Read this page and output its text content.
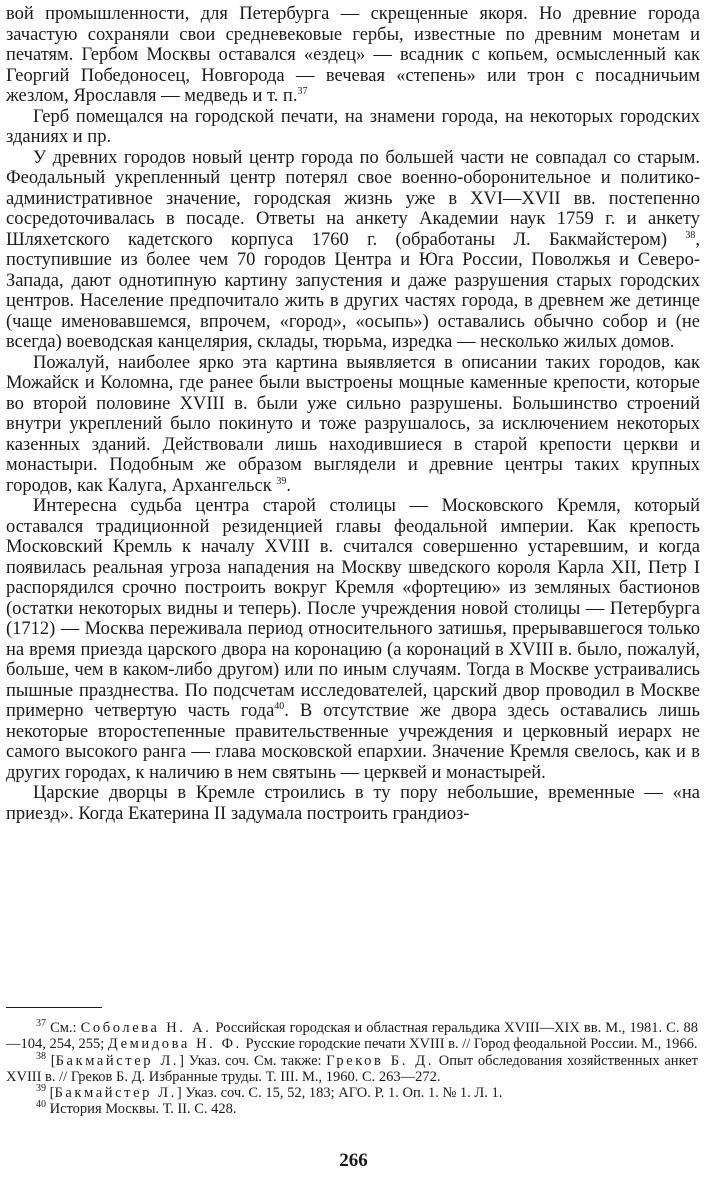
вой промышленности, для Петербурга — скрещенные якоря. Но древние города зачастую сохраняли свои средневековые гербы, известные по древним монетам и печатям. Гербом Москвы оставался «ездец» — всадник с копьем, осмысленный как Георгий Победоносец, Новгорода — вечевая «степень» или трон с посадничьим жезлом, Ярославля — медведь и т. п.$^{37}$

Герб помещался на городской печати, на знамени города, на некоторых городских зданиях и пр.

У древних городов новый центр города по большей части не совпадал со старым. Феодальный укрепленный центр потерял свое военно-оборонительное и политико-административное значение, городская жизнь уже в XVI—XVII вв. постепенно сосредоточивалась в посаде. Ответы на анкету Академии наук 1759 г. и анкету Шляхетского кадетского корпуса 1760 г. (обработаны Л. Бакмайстером) $^{38}$, поступившие из более чем 70 городов Центра и Юга России, Поволжья и Северо-Запада, дают однотипную картину запустения и даже разрушения старых городских центров. Население предпочитало жить в других частях города, в древнем же детинце (чаще именовавшемся, впрочем, «город», «осыпь») оставались обычно собор и (не всегда) воеводская канцелярия, склады, тюрьма, изредка — несколько жилых домов.

Пожалуй, наиболее ярко эта картина выявляется в описании таких городов, как Можайск и Коломна, где ранее были выстроены мощные каменные крепости, которые во второй половине XVIII в. были уже сильно разрушены. Большинство строений внутри укреплений было покинуто и тоже разрушалось, за исключением некоторых казенных зданий. Действовали лишь находившиеся в старой крепости церкви и монастыри. Подобным же образом выглядели и древние центры таких крупных городов, как Калуга, Архангельск $^{39}$.

Интересна судьба центра старой столицы — Московского Кремля, который оставался традиционной резиденцией главы феодальной империи. Как крепость Московский Кремль к началу XVIII в. считался совершенно устаревшим, и когда появилась реальная угроза нападения на Москву шведского короля Карла XII, Петр I распорядился срочно построить вокруг Кремля «фортецию» из земляных бастионов (остатки некоторых видны и теперь). После учреждения новой столицы — Петербурга (1712) — Москва переживала период относительного затишья, прерывавшегося только на время приезда царского двора на коронацию (а коронаций в XVIII в. было, пожалуй, больше, чем в каком-либо другом) или по иным случаям. Тогда в Москве устраивались пышные празднества. По подсчетам исследователей, царский двор проводил в Москве примерно четвертую часть года$^{40}$. В отсутствие же двора здесь оставались лишь некоторые второстепенные правительственные учреждения и церковный иерарх не самого высокого ранга — глава московской епархии. Значение Кремля свелось, как и в других городах, к наличию в нем святынь — церквей и монастырей.

Царские дворцы в Кремле строились в ту пору небольшие, временные — «на приезд». Когда Екатерина II задумала построить грандиоз-

$^{37}$ См.: Соболева Н. А. Российская городская и областная геральдика XVIII—XIX вв. М., 1981. С. 88—104, 254, 255; Демидова Н. Ф. Русские городские печати XVIII в. // Город феодальной России. М., 1966.

$^{38}$ [Бакмайстер Л.] Указ. соч. См. также: Греков Б. Д. Опыт обследования хозяйственных анкет XVIII в. // Греков Б. Д. Избранные труды. Т. III. М., 1960. С. 263—272.

$^{39}$ [Бакмайстер Л.] Указ. соч. С. 15, 52, 183; АГО. Р. 1. Оп. 1. № 1. Л. 1.

$^{40}$ История Москвы. Т. II. С. 428.

266
